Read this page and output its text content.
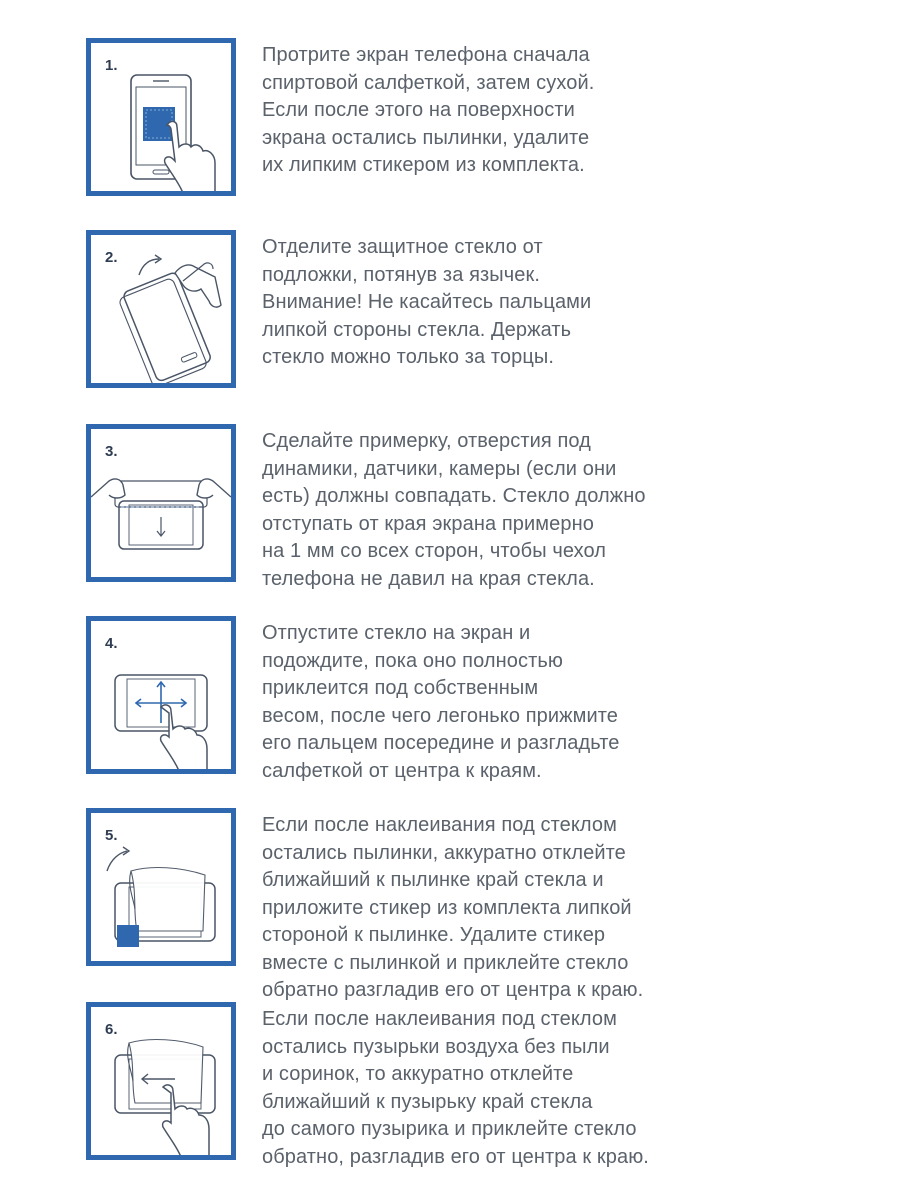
1.	Протрите экран телефона сначала
спиртовой салфеткой, затем сухой.
Если после этого на поверхности
экрана остались пылинки, удалите
их липким стикером из комплекта.
2.	Отделите защитное стекло от
подложки, потянув за язычек.
Внимание! Не касайтесь пальцами
липкой стороны стекла. Держать
стекло можно только за торцы.
3.	Сделайте примерку, отверстия под
динамики, датчики, камеры (если они
есть) должны совпадать. Стекло должно
отступать от края экрана примерно
на 1 мм со всех сторон, чтобы чехол
телефона не давил на края стекла.
4.	Отпустите стекло на экран и
подождите, пока оно полностью
приклеится под собственным
весом, после чего легонько прижмите
его пальцем посередине и разгладьте
салфеткой от центра к краям.
5.	Если после наклеивания под стеклом
остались пылинки, аккуратно отклейте
ближайший к пылинке край стекла и
приложите стикер из комплекта липкой
стороной к пылинке. Удалите стикер
вместе с пылинкой и приклейте стекло
обратно разгладив его от центра к краю.
6.	Если после наклеивания под стеклом
остались пузырьки воздуха без пыли
и соринок, то аккуратно отклейте
ближайший к пузырьку край стекла
до самого пузырика и приклейте стекло
обратно, разгладив его от центра к краю.
